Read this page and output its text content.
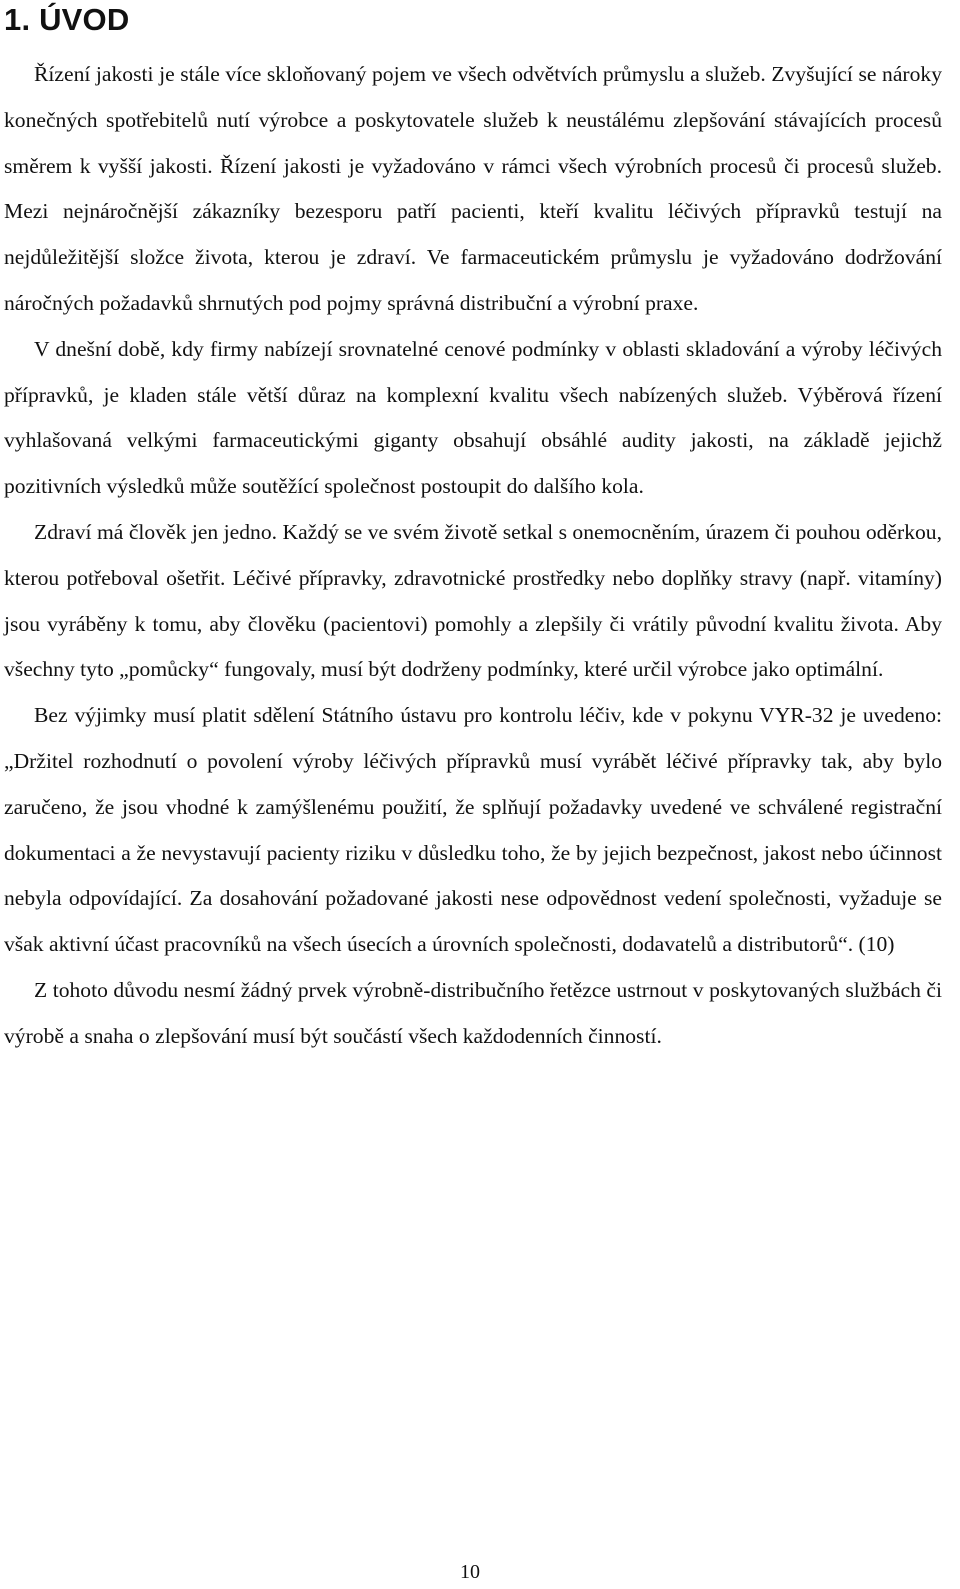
1. ÚVOD

Řízení jakosti je stále více skloňovaný pojem ve všech odvětvích průmyslu a služeb. Zvyšující se nároky konečných spotřebitelů nutí výrobce a poskytovatele služeb k neustálému zlepšování stávajících procesů směrem k vyšší jakosti. Řízení jakosti je vyžadováno v rámci všech výrobních procesů či procesů služeb. Mezi nejnáročnější zákazníky bezesporu patří pacienti, kteří kvalitu léčivých přípravků testují na nejdůležitější složce života, kterou je zdraví. Ve farmaceutickém průmyslu je vyžadováno dodržování náročných požadavků shrnutých pod pojmy správná distribuční a výrobní praxe.

V dnešní době, kdy firmy nabízejí srovnatelné cenové podmínky v oblasti skladování a výroby léčivých přípravků, je kladen stále větší důraz na komplexní kvalitu všech nabízených služeb. Výběrová řízení vyhlašovaná velkými farmaceutickými giganty obsahují obsáhlé audity jakosti, na základě jejichž pozitivních výsledků může soutěžící společnost postoupit do dalšího kola.

Zdraví má člověk jen jedno. Každý se ve svém životě setkal s onemocněním, úrazem či pouhou oděrkou, kterou potřeboval ošetřit. Léčivé přípravky, zdravotnické prostředky nebo doplňky stravy (např. vitamíny) jsou vyráběny k tomu, aby člověku (pacientovi) pomohly a zlepšily či vrátily původní kvalitu života. Aby všechny tyto „pomůcky“ fungovaly, musí být dodrženy podmínky, které určil výrobce jako optimální.

Bez výjimky musí platit sdělení Státního ústavu pro kontrolu léčiv, kde v pokynu VYR-32 je uvedeno: „Držitel rozhodnutí o povolení výroby léčivých přípravků musí vyrábět léčivé přípravky tak, aby bylo zaručeno, že jsou vhodné k zamýšlenému použití, že splňují požadavky uvedené ve schválené registrační dokumentaci a že nevystavují pacienty riziku v důsledku toho, že by jejich bezpečnost, jakost nebo účinnost nebyla odpovídající. Za dosahování požadované jakosti nese odpovědnost vedení společnosti, vyžaduje se však aktivní účast pracovníků na všech úsecích a úrovních společnosti, dodavatelů a distributorů“. (10)

Z tohoto důvodu nesmí žádný prvek výrobně-distribučního řetězce ustrnout v poskytovaných službách či výrobě a snaha o zlepšování musí být součástí všech každodenních činností.

10
